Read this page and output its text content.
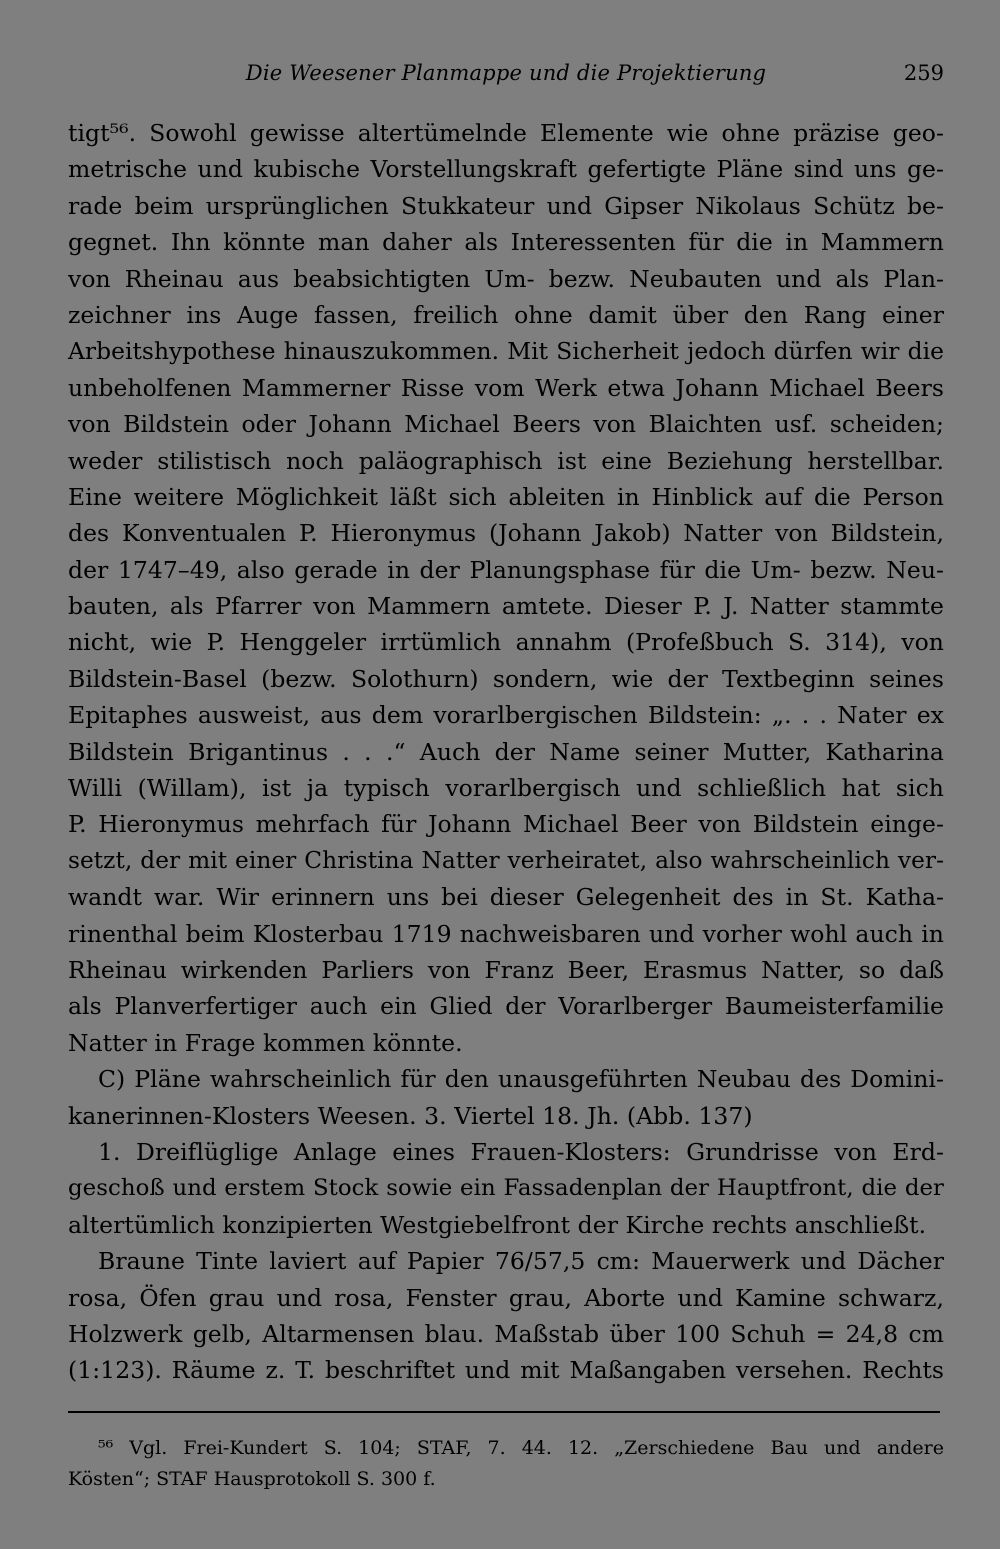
Die Weesener Planmappe und die Projektierung	259
tigt⁵⁶. Sowohl gewisse altertümelnde Elemente wie ohne präzise geo-
metrische und kubische Vorstellungskraft gefertigte Pläne sind uns ge-
rade beim ursprünglichen Stukkateur und Gipser Nikolaus Schütz be-
gegnet. Ihn könnte man daher als Interessenten für die in Mammern
von Rheinau aus beabsichtigten Um- bezw. Neubauten und als Plan-
zeichner ins Auge fassen, freilich ohne damit über den Rang einer
Arbeitshypothese hinauszukommen. Mit Sicherheit jedoch dürfen wir die
unbeholfenen Mammerner Risse vom Werk etwa Johann Michael Beers
von Bildstein oder Johann Michael Beers von Blaichten usf. scheiden;
weder stilistisch noch paläographisch ist eine Beziehung herstellbar.
Eine weitere Möglichkeit läßt sich ableiten in Hinblick auf die Person
des Konventualen P. Hieronymus (Johann Jakob) Natter von Bildstein,
der 1747–49, also gerade in der Planungsphase für die Um- bezw. Neu-
bauten, als Pfarrer von Mammern amtete. Dieser P. J. Natter stammte
nicht, wie P. Henggeler irrtümlich annahm (Profeßbuch S. 314), von
Bildstein-Basel (bezw. Solothurn) sondern, wie der Textbeginn seines
Epitaphes ausweist, aus dem vorarlbergischen Bildstein: „. . . Nater ex
Bildstein Brigantinus . . .“ Auch der Name seiner Mutter, Katharina
Willi (Willam), ist ja typisch vorarlbergisch und schließlich hat sich
P. Hieronymus mehrfach für Johann Michael Beer von Bildstein einge-
setzt, der mit einer Christina Natter verheiratet, also wahrscheinlich ver-
wandt war. Wir erinnern uns bei dieser Gelegenheit des in St. Katha-
rinenthal beim Klosterbau 1719 nachweisbaren und vorher wohl auch in
Rheinau wirkenden Parliers von Franz Beer, Erasmus Natter, so daß
als Planverfertiger auch ein Glied der Vorarlberger Baumeisterfamilie
Natter in Frage kommen könnte.
C) Pläne wahrscheinlich für den unausgeführten Neubau des Domini-
kanerinnen-Klosters Weesen. 3. Viertel 18. Jh. (Abb. 137)
1. Dreiflüglige Anlage eines Frauen-Klosters: Grundrisse von Erd-
geschoß und erstem Stock sowie ein Fassadenplan der Hauptfront, die der
altertümlich konzipierten Westgiebelfront der Kirche rechts anschließt.
Braune Tinte laviert auf Papier 76/57,5 cm: Mauerwerk und Dächer
rosa, Öfen grau und rosa, Fenster grau, Aborte und Kamine schwarz,
Holzwerk gelb, Altarmensen blau. Maßstab über 100 Schuh = 24,8 cm
(1:123). Räume z. T. beschriftet und mit Maßangaben versehen. Rechts
⁵⁶ Vgl. Frei-Kundert S. 104; STAF, 7. 44. 12. „Zerschiedene Bau und andere
Kösten“; STAF Hausprotokoll S. 300 f.
